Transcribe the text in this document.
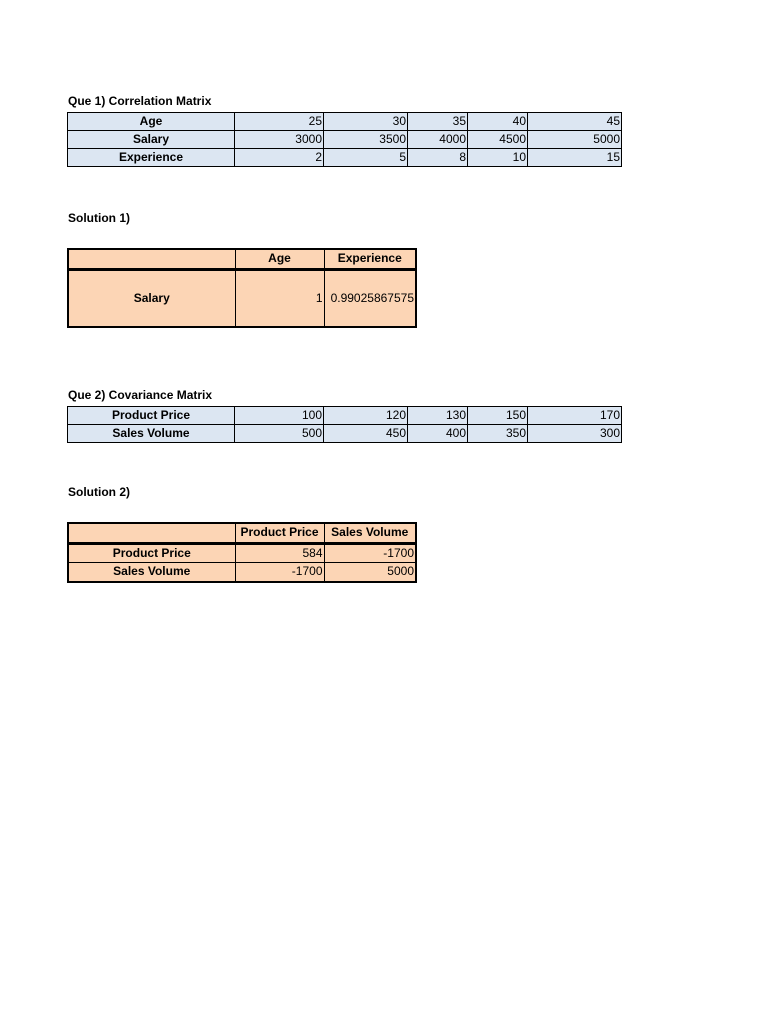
Que 1) Correlation Matrix
Age	25	30	35	40	45
Salary	3000	3500	4000	4500	5000
Experience	2	5	8	10	15
Solution 1)
	Age	Experience
Salary	1	0.99025867575
Que 2) Covariance Matrix
Product Price	100	120	130	150	170
Sales Volume	500	450	400	350	300
Solution 2)
	Product Price	Sales Volume
Product Price	584	-1700
Sales Volume	-1700	5000
